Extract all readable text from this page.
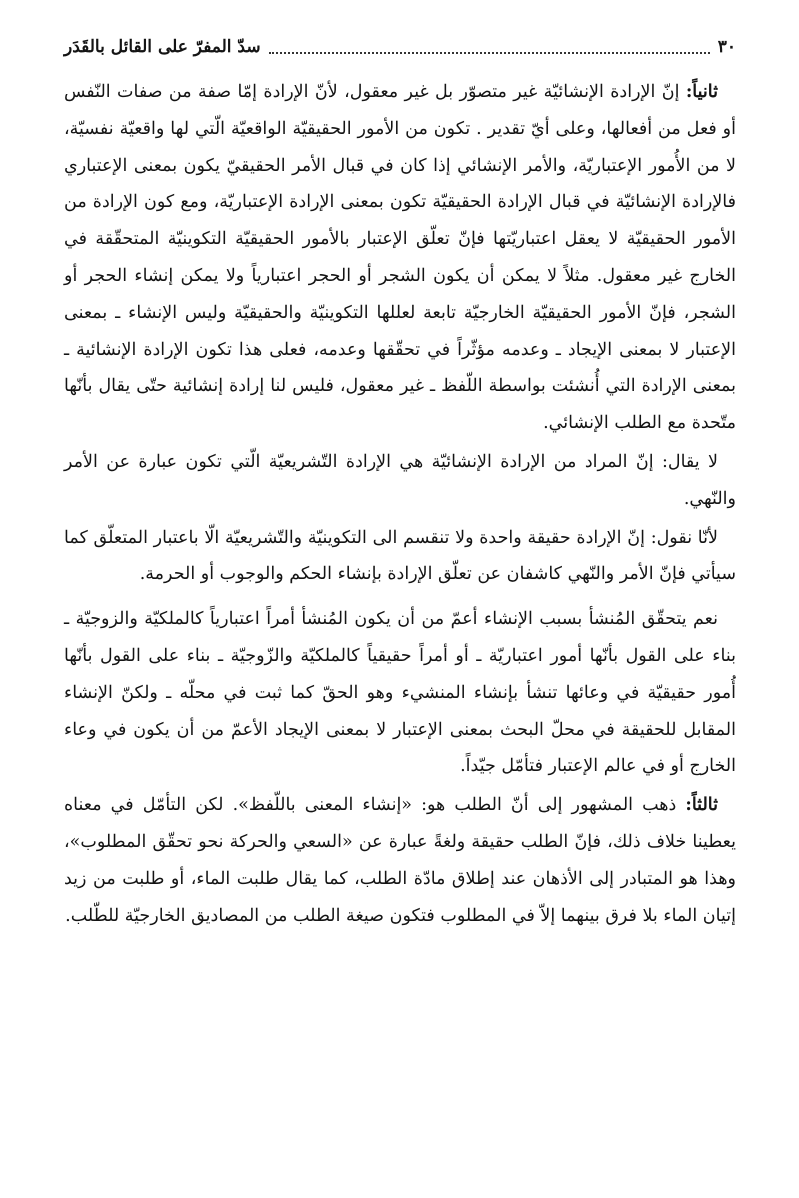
٣٠
سدّ المفرّ على القائل بالقَدَر

ثانياً: إنّ الإرادة الإنشائيّة غير متصوّر بل غير معقول، لأنّ الإرادة إمّا صفة من صفات النّفس أو فعل من أفعالها، وعلى أيّ تقدير . تكون من الأمور الحقيقيّة الواقعيّة الّتي لها واقعيّة نفسيّة، لا من الأُمور الإعتباريّة، والأمر الإنشائي إذا كان في قبال الأمر الحقيقيّ يكون بمعنى الإعتباري فالإرادة الإنشائيّة في قبال الإرادة الحقيقيّة تكون بمعنى الإرادة الإعتباريّة، ومع كون الإرادة من الأمور الحقيقيّة لا يعقل اعتباريّتها فإنّ تعلّق الإعتبار بالأمور الحقيقيّة التكوينيّة المتحقّقة في الخارج غير معقول. مثلاً لا يمكن أن يكون الشجر أو الحجر اعتبارياً ولا يمكن إنشاء الحجر أو الشجر، فإنّ الأمور الحقيقيّة الخارجيّة تابعة لعللها التكوينيّة والحقيقيّة وليس الإنشاء ـ بمعنى الإعتبار لا بمعنى الإيجاد ـ وعدمه مؤثّراً في تحقّقها وعدمه، فعلى هذا تكون الإرادة الإنشائية ـ بمعنى الإرادة التي أُنشئت بواسطة اللّفظ ـ غير معقول، فليس لنا إرادة إنشائية حتّى يقال بأنّها متّحدة مع الطلب الإنشائي.

لا يقال: إنّ المراد من الإرادة الإنشائيّة هي الإرادة التّشريعيّة الّتي تكون عبارة عن الأمر والنّهي.

لأنّا نقول: إنّ الإرادة حقيقة واحدة ولا تنقسم الى التكوينيّة والتّشريعيّة الّا باعتبار المتعلّق كما سيأتي فإنّ الأمر والنّهي كاشفان عن تعلّق الإرادة بإنشاء الحكم والوجوب أو الحرمة.

نعم يتحقّق المُنشأ بسبب الإنشاء أعمّ من أن يكون المُنشأ أمراً اعتبارياً كالملكيّة والزوجيّة ـ بناء على القول بأنّها أمور اعتباريّة ـ أو أمراً حقيقياً كالملكيّة والزّوجيّة ـ بناء على القول بأنّها أُمور حقيقيّة في وعائها تنشأ بإنشاء المنشيء وهو الحقّ كما ثبت في محلّه ـ ولكنّ الإنشاء المقابل للحقيقة في محلّ البحث بمعنى الإعتبار لا بمعنى الإيجاد الأعمّ من أن يكون في وعاء الخارج أو في عالم الإعتبار فتأمّل جيّداً.

ثالثاً: ذهب المشهور إلى أنّ الطلب هو: «إنشاء المعنى باللّفظ». لكن التأمّل في معناه يعطينا خلاف ذلك، فإنّ الطلب حقيقة ولغةً عبارة عن «السعي والحركة نحو تحقّق المطلوب»، وهذا هو المتبادر إلى الأذهان عند إطلاق مادّة الطلب، كما يقال طلبت الماء، أو طلبت من زيد إتيان الماء بلا فرق بينهما إلاّ في المطلوب فتكون صيغة الطلب من المصاديق الخارجيّة للطّلب.
